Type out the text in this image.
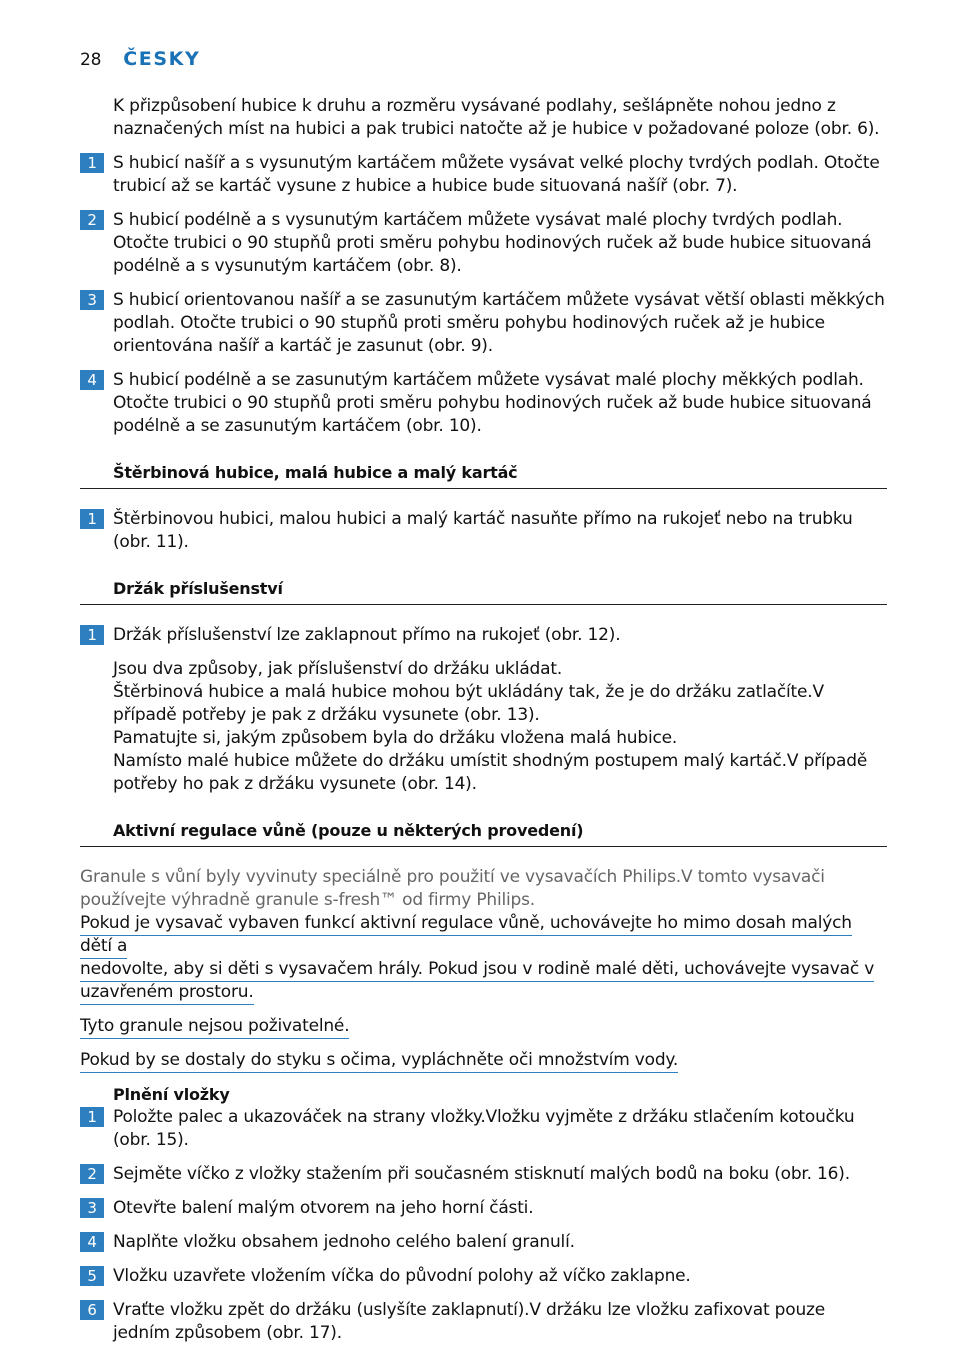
28 ČESKY

K přizpůsobení hubice k druhu a rozměru vysávané podlahy, sešlápněte nohou jedno z naznačených míst na hubici a pak trubici natočte až je hubice v požadované poloze (obr. 6).

1 S hubicí našíř a s vysunutým kartáčem můžete vysávat velké plochy tvrdých podlah. Otočte trubicí až se kartáč vysune z hubice a hubice bude situovaná našíř (obr. 7).

2 S hubicí podélně a s vysunutým kartáčem můžete vysávat malé plochy tvrdých podlah. Otočte trubici o 90 stupňů proti směru pohybu hodinových ruček až bude hubice situovaná podélně a s vysunutým kartáčem (obr. 8).

3 S hubicí orientovanou našíř a se zasunutým kartáčem můžete vysávat větší oblasti měkkých podlah. Otočte trubici o 90 stupňů proti směru pohybu hodinových ruček až je hubice orientována našíř a kartáč je zasunut (obr. 9).

4 S hubicí podélně a se zasunutým kartáčem můžete vysávat malé plochy měkkých podlah. Otočte trubici o 90 stupňů proti směru pohybu hodinových ruček až bude hubice situovaná podélně a se zasunutým kartáčem (obr. 10).

Štěrbinová hubice, malá hubice a malý kartáč
1 Štěrbinovou hubici, malou hubici a malý kartáč nasuňte přímo na rukojeť nebo na trubku (obr. 11).

Držák příslušenství
1 Držák příslušenství lze zaklapnout přímo na rukojeť (obr. 12).

Jsou dva způsoby, jak příslušenství do držáku ukládat.

Štěrbinová hubice a malá hubice mohou být ukládány tak, že je do držáku zatlačíte.V případě potřeby je pak z držáku vysunete (obr. 13).

Pamatujte si, jakým způsobem byla do držáku vložena malá hubice.

Namísto malé hubice můžete do držáku umístit shodným postupem malý kartáč.V případě potřeby ho pak z držáku vysunete (obr. 14).

Aktivní regulace vůně (pouze u některých provedení)

Granule s vůní byly vyvinuty speciálně pro použití ve vysavačích Philips.V tomto vysavači používejte výhradně granule s-fresh™ od firmy Philips.

Pokud je vysavač vybaven funkcí aktivní regulace vůně, uchovávejte ho mimo dosah malých dětí a
nedovolte, aby si děti s vysavačem hrály. Pokud jsou v rodině malé děti, uchovávejte vysavač v
uzavřeném prostoru.
Tyto granule nejsou poživatelné.
Pokud by se dostaly do styku s očima, vypláchněte oči množstvím vody.
Plnění vložky
1 Položte palec a ukazováček na strany vložky.Vložku vyjměte z držáku stlačením kotoučku (obr. 15).

2 Sejměte víčko z vložky stažením při současném stisknutí malých bodů na boku (obr. 16).

3 Otevřte balení malým otvorem na jeho horní části.

4 Naplňte vložku obsahem jednoho celého balení granulí.

5 Vložku uzavřete vložením víčka do původní polohy až víčko zaklapne.

6 Vraťte vložku zpět do držáku (uslyšíte zaklapnutí).V držáku lze vložku zafixovat pouze jedním způsobem (obr. 17).
